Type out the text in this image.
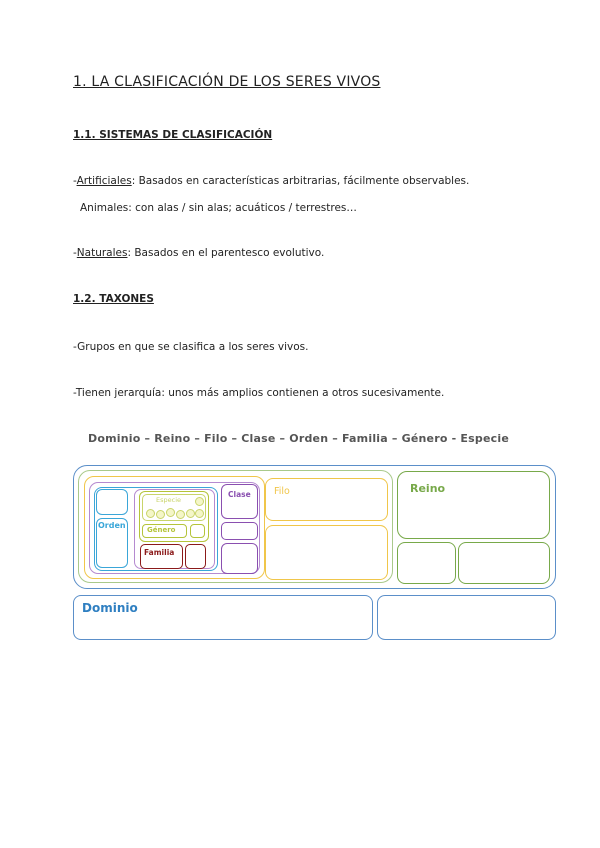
1. LA CLASIFICACIÓN DE LOS SERES VIVOS
1.1. SISTEMAS DE CLASIFICACIÓN
-Artificiales: Basados en características arbitrarias, fácilmente observables.
Animales: con alas / sin alas; acuáticos / terrestres…
-Naturales: Basados en el parentesco evolutivo.
1.2. TAXONES
-Grupos en que se clasifica a los seres vivos.
-Tienen jerarquía: unos más amplios contienen a otros sucesivamente.
Dominio – Reino – Filo – Clase – Orden – Familia – Género - Especie
Orden
Familia
Género
Especie
Clase Filo	Reino
Dominio
